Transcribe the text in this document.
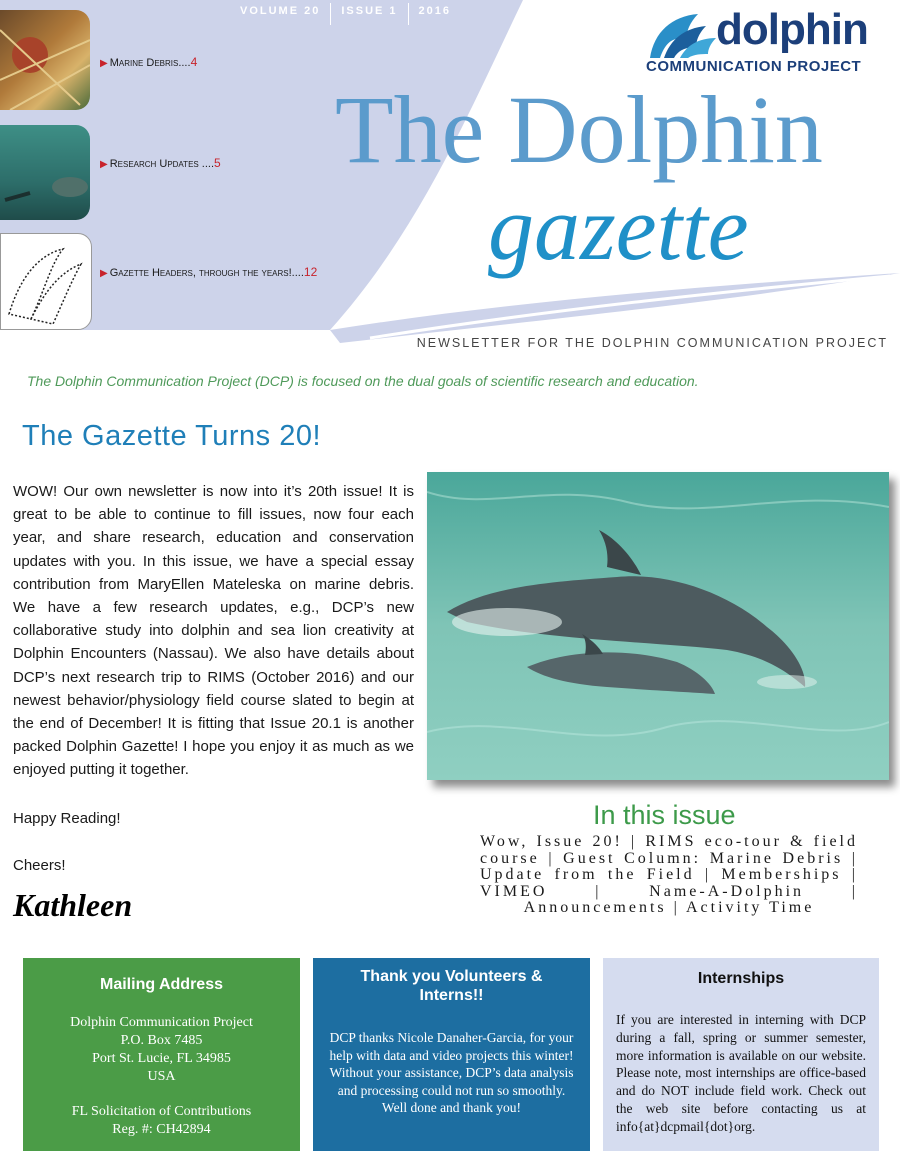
VOLUME 20	ISSUE 1	2016
▶ Marine Debris....4
▶ Research Updates ....5
▶ Gazette Headers, through the years!....12
dolphin
COMMUNICATION PROJECT
The Dolphin
gazette
NEWSLETTER FOR THE DOLPHIN COMMUNICATION PROJECT
The Dolphin Communication Project (DCP) is focused on the dual goals of scientific research and education.
The Gazette Turns 20!
WOW! Our own newsletter is now into it’s 20th issue! It is great to be able to continue to fill issues, now four each year, and share research, education and conservation updates with you. In this issue, we have a special essay contribution from MaryEllen Mateleska on marine debris. We have a few research updates, e.g., DCP’s new collaborative study into dolphin and sea lion creativity at Dolphin Encounters (Nassau). We also have details about DCP’s next research trip to RIMS (October 2016) and our newest behavior/physiology field course slated to begin at the end of December! It is fitting that Issue 20.1 is another packed Dolphin Gazette! I hope you enjoy it as much as we enjoyed putting it together.
Happy Reading!
Cheers!
Kathleen
In this issue
Wow, Issue 20! | RIMS eco-tour & field course | Guest Column: Marine Debris | Update from the Field | Memberships | VIMEO | Name-A-Dolphin | Announcements | Activity Time
Mailing Address
Dolphin Communication Project
P.O. Box 7485
Port St. Lucie, FL 34985
USA
FL Solicitation of Contributions
Reg. #: CH42894
Thank you Volunteers & Interns!!

DCP thanks Nicole Danaher-Garcia, for your help with data and video projects this winter! Without your assistance, DCP’s data analysis and processing could not run so smoothly. Well done and thank you!

Internships

If you are interested in interning with DCP during a fall, spring or summer semester, more information is available on our website. Please note, most internships are office-based and do NOT include field work. Check out the web site before contacting us at info{at}dcpmail{dot}org.
